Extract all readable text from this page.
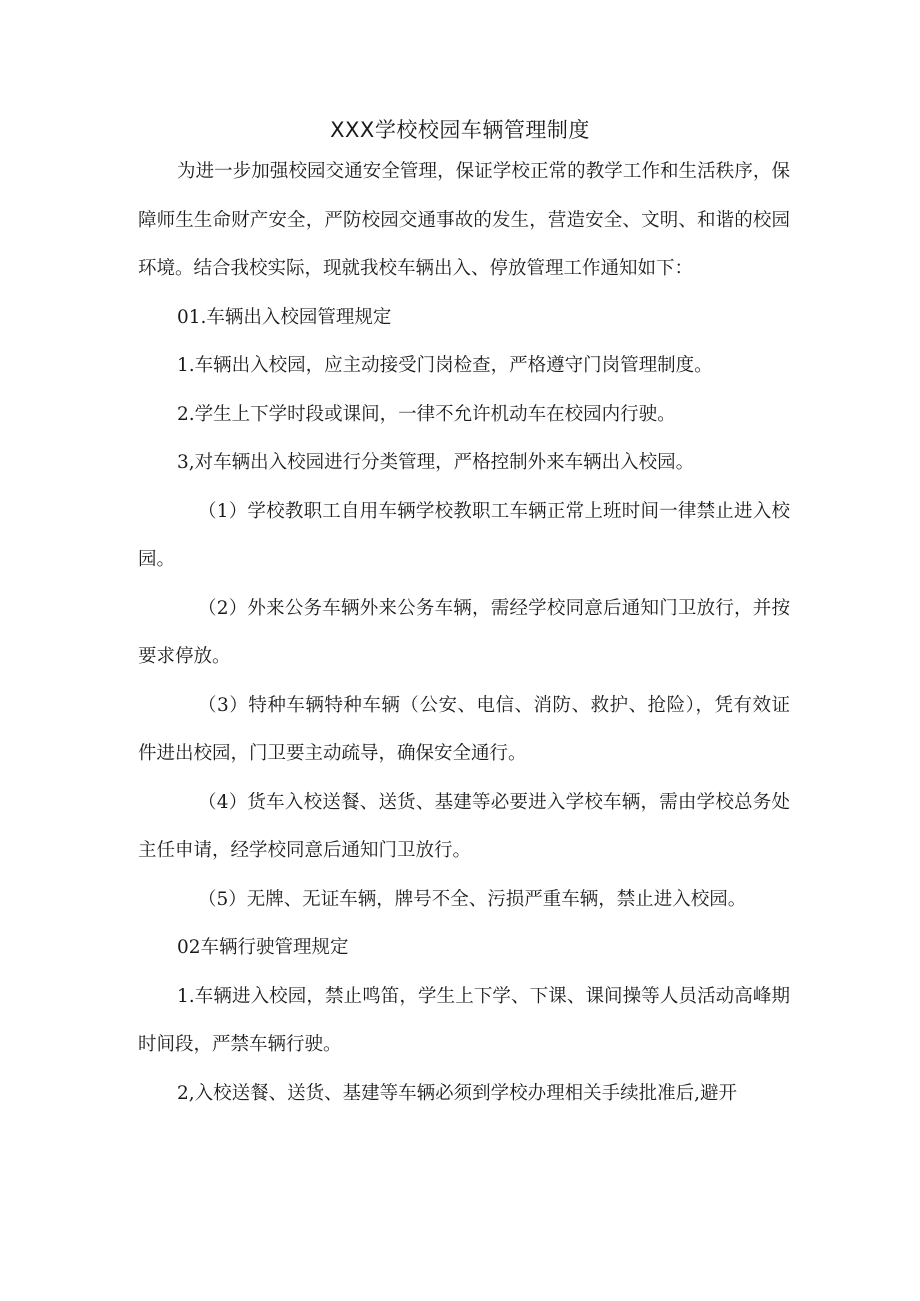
XXX学校校园车辆管理制度

为进一步加强校园交通安全管理，保证学校正常的教学工作和生活秩序，保障师生生命财产安全，严防校园交通事故的发生，营造安全、文明、和谐的校园环境。结合我校实际，现就我校车辆出入、停放管理工作通知如下：

01.车辆出入校园管理规定

1.车辆出入校园，应主动接受门岗检查，严格遵守门岗管理制度。

2.学生上下学时段或课间，一律不允许机动车在校园内行驶。

3,对车辆出入校园进行分类管理，严格控制外来车辆出入校园。

（1）学校教职工自用车辆学校教职工车辆正常上班时间一律禁止进入校园。

（2）外来公务车辆外来公务车辆，需经学校同意后通知门卫放行，并按要求停放。

（3）特种车辆特种车辆（公安、电信、消防、救护、抢险），凭有效证件进出校园，门卫要主动疏导，确保安全通行。

（4）货车入校送餐、送货、基建等必要进入学校车辆，需由学校总务处主任申请，经学校同意后通知门卫放行。

（5）无牌、无证车辆，牌号不全、污损严重车辆，禁止进入校园。

02车辆行驶管理规定

1.车辆进入校园，禁止鸣笛，学生上下学、下课、课间操等人员活动高峰期时间段，严禁车辆行驶。

2,入校送餐、送货、基建等车辆必须到学校办理相关手续批准后,避开
